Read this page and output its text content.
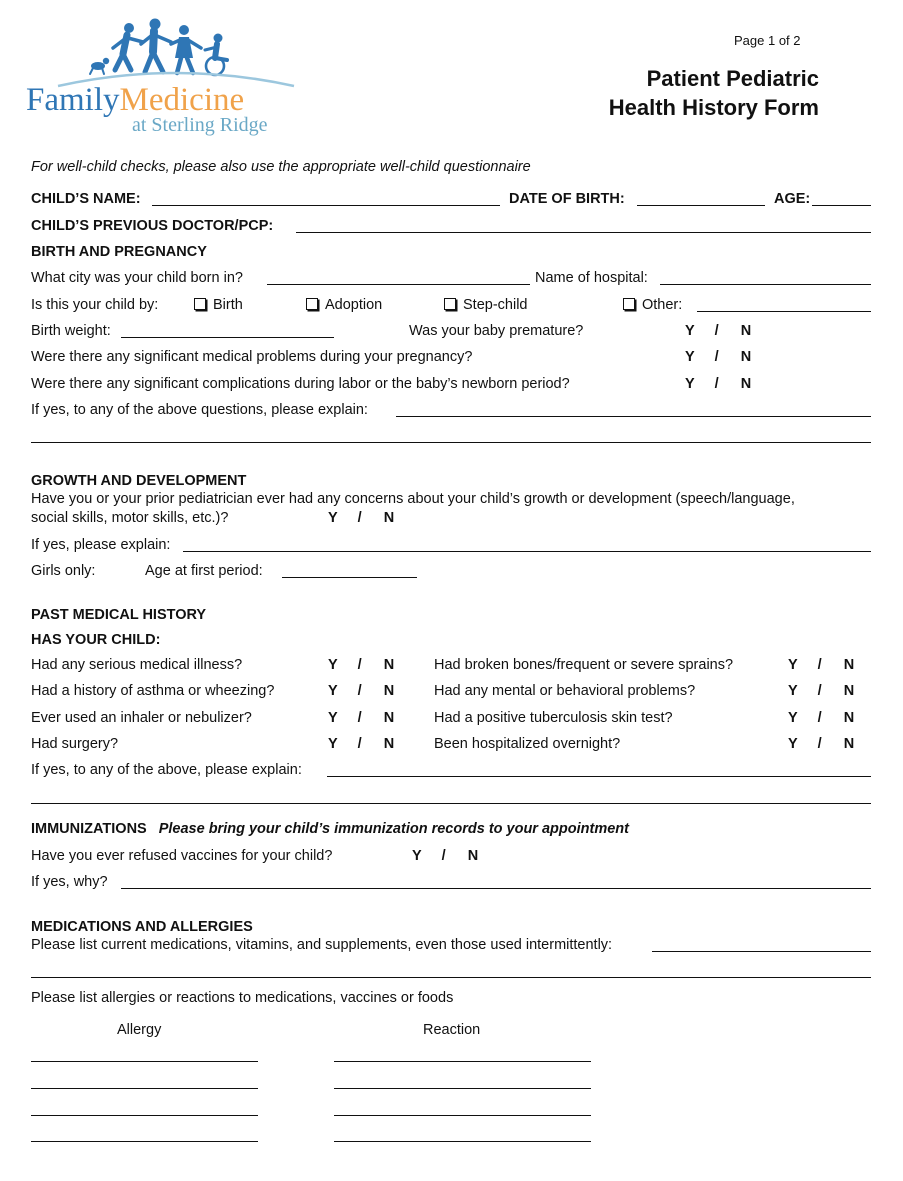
FamilyMedicine
at Sterling Ridge
Page 1 of 2
Patient Pediatric
Health History Form
For well-child checks, please also use the appropriate well-child questionnaire
CHILD’S NAME:	DATE OF BIRTH:	AGE:
CHILD’S PREVIOUS DOCTOR/PCP:
BIRTH AND PREGNANCY
What city was your child born in?	Name of hospital:
Is this your child by:	Birth	Adoption	Step-child	Other:
Birth weight:	Was your baby premature?	Y / N
Were there any significant medical problems during your pregnancy?	Y / N
Were there any significant complications during labor or the baby’s newborn period?	Y / N
If yes, to any of the above questions, please explain:
GROWTH AND DEVELOPMENT
Have you or your prior pediatrician ever had any concerns about your child’s growth or development (speech/language,
social skills, motor skills, etc.)?	Y / N
If yes, please explain:
Girls only:	Age at first period:
PAST MEDICAL HISTORY
HAS YOUR CHILD:
Had any serious medical illness?	Y / N	Had broken bones/frequent or severe sprains?	Y / N
Had a history of asthma or wheezing?	Y / N	Had any mental or behavioral problems?	Y / N
Ever used an inhaler or nebulizer?	Y / N	Had a positive tuberculosis skin test?	Y / N
Had surgery?	Y / N	Been hospitalized overnight?	Y / N
If yes, to any of the above, please explain:
IMMUNIZATIONS Please bring your child’s immunization records to your appointment
Have you ever refused vaccines for your child?	Y / N
If yes, why?
MEDICATIONS AND ALLERGIES
Please list current medications, vitamins, and supplements, even those used intermittently:
Please list allergies or reactions to medications, vaccines or foods
Allergy	Reaction
